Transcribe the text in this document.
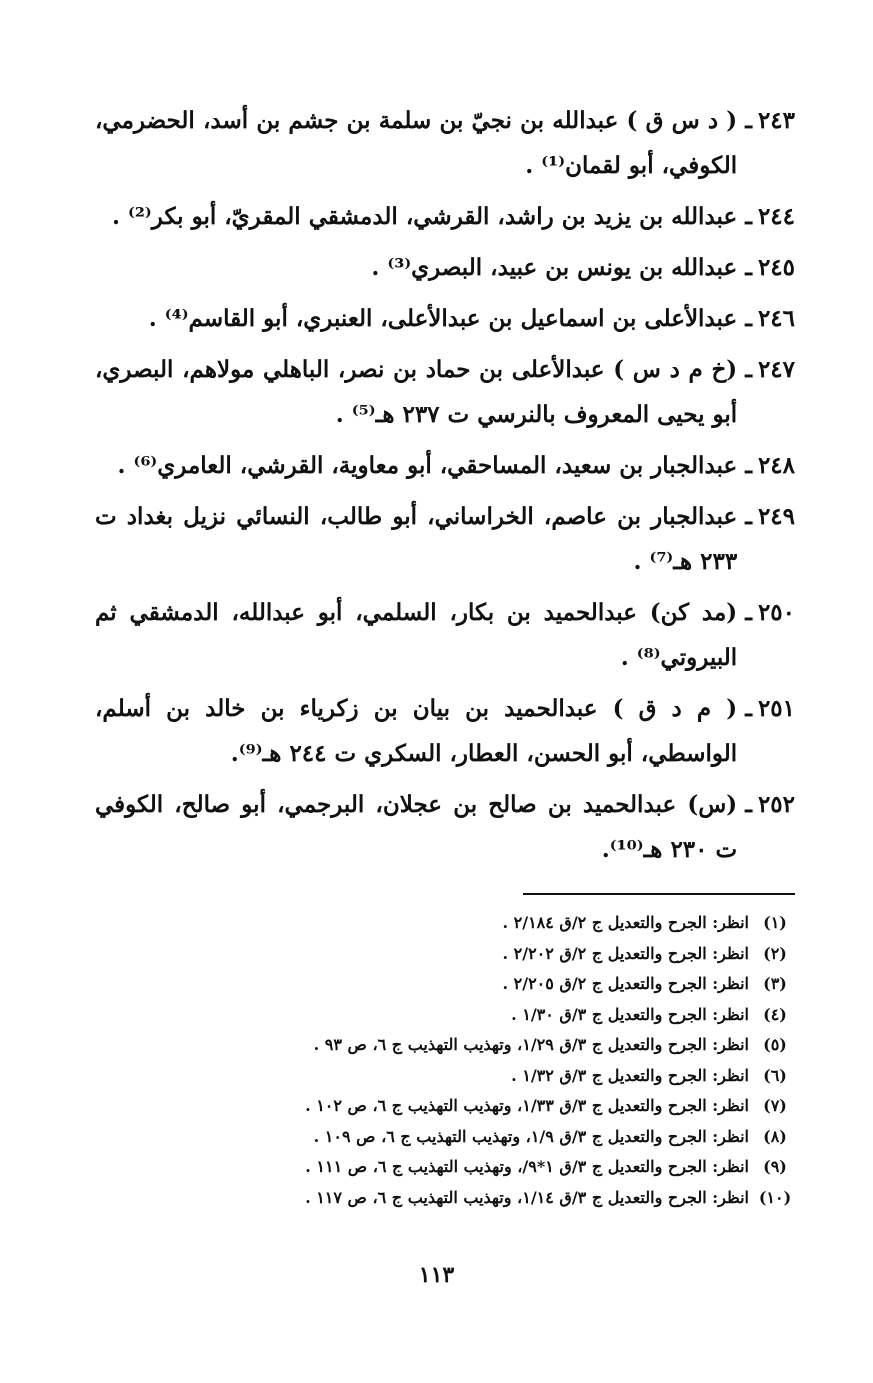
٢٤٣
ـ
( د س ق ) عبدالله بن نجيّ بن سلمة بن جشم بن أسد، الحضرمي، الكوفي، أبو لقمان⁽¹⁾ .
٢٤٤
ـ
عبدالله بن يزيد بن راشد، القرشي، الدمشقي المقريّ، أبو بكر⁽²⁾ .
٢٤٥
ـ
عبدالله بن يونس بن عبيد، البصري⁽³⁾ .
٢٤٦
ـ
عبدالأعلى بن اسماعيل بن عبدالأعلى، العنبري، أبو القاسم⁽⁴⁾ .
٢٤٧
ـ
(خ م د س ) عبدالأعلى بن حماد بن نصر، الباهلي مولاهم، البصري، أبو يحيى المعروف بالنرسي ت ٢٣٧ هـ⁽⁵⁾ .
٢٤٨
ـ
عبدالجبار بن سعيد، المساحقي، أبو معاوية، القرشي، العامري⁽⁶⁾ .
٢٤٩
ـ
عبدالجبار بن عاصم، الخراساني، أبو طالب، النسائي نزيل بغداد ت ٢٣٣ هـ⁽⁷⁾ .
٢٥٠
ـ
(مد كن) عبدالحميد بن بكار، السلمي، أبو عبدالله، الدمشقي ثم البيروتي⁽⁸⁾ .
٢٥١
ـ
( م د ق ) عبدالحميد بن بيان بن زكرياء بن خالد بن أسلم، الواسطي، أبو الحسن، العطار، السكري ت ٢٤٤ هـ⁽⁹⁾.
٢٥٢
ـ
(س) عبدالحميد بن صالح بن عجلان، البرجمي، أبو صالح، الكوفي ت ٢٣٠ هـ⁽¹⁰⁾.
(١)
انظر: الجرح والتعديل ج ٢/ق ٢/١٨٤ .
(٢)
انظر: الجرح والتعديل ج ٢/ق ٢/٢٠٢ .
(٣)
انظر: الجرح والتعديل ج ٢/ق ٢/٢٠٥ .
(٤)
انظر: الجرح والتعديل ج ٣/ق ١/٣٠ .
(٥)
انظر: الجرح والتعديل ج ٣/ق ١/٢٩، وتهذيب التهذيب ج ٦، ص ٩٣ .
(٦)
انظر: الجرح والتعديل ج ٣/ق ١/٣٢ .
(٧)
انظر: الجرح والتعديل ج ٣/ق ١/٣٣، وتهذيب التهذيب ج ٦، ص ١٠٢ .
(٨)
انظر: الجرح والتعديل ج ٣/ق ١/٩، وتهذيب التهذيب ج ٦، ص ١٠٩ .
(٩)
انظر: الجرح والتعديل ج ٣/ق ١*٩/، وتهذيب التهذيب ج ٦، ص ١١١ .
(١٠)
انظر: الجرح والتعديل ج ٣/ق ١/١٤، وتهذيب التهذيب ج ٦، ص ١١٧ .
١١٣
